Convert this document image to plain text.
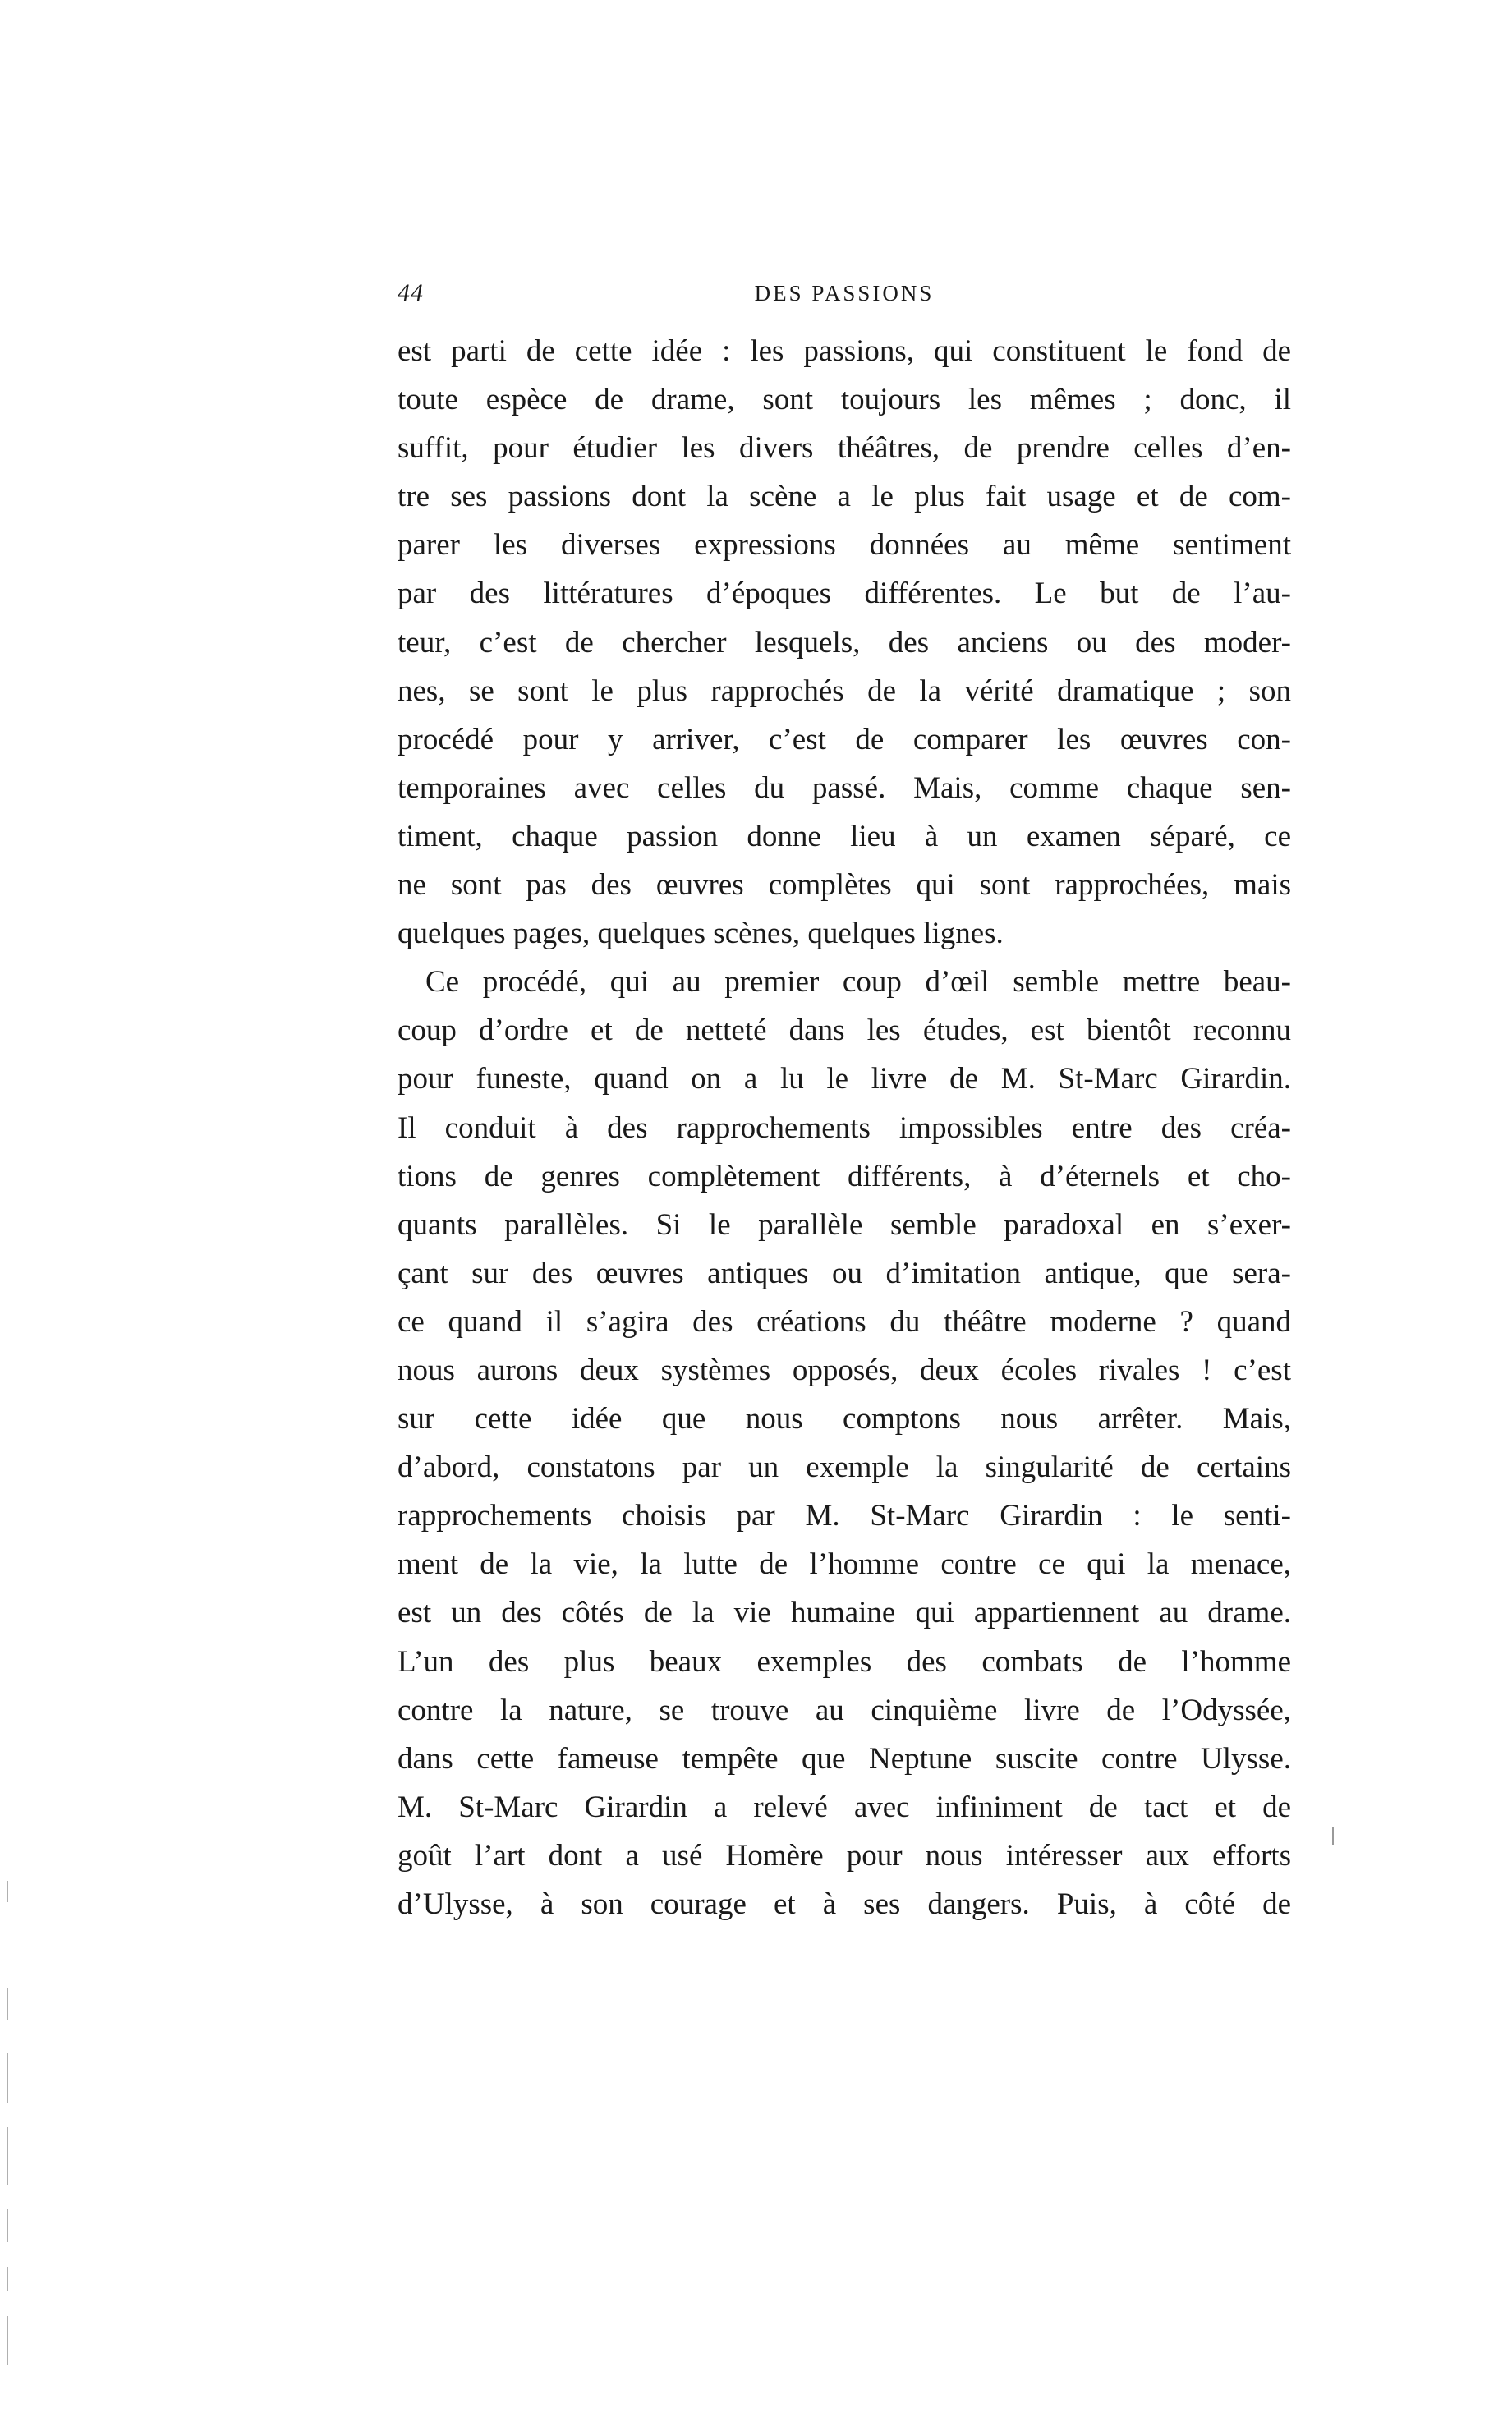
44	DES PASSIONS
est parti de cette idée : les passions, qui constituent le fond de
toute espèce de drame, sont toujours les mêmes ; donc, il
suffit, pour étudier les divers théâtres, de prendre celles d’en-
tre ses passions dont la scène a le plus fait usage et de com-
parer les diverses expressions données au même sentiment
par des littératures d’époques différentes. Le but de l’au-
teur, c’est de chercher lesquels, des anciens ou des moder-
nes, se sont le plus rapprochés de la vérité dramatique ; son
procédé pour y arriver, c’est de comparer les œuvres con-
temporaines avec celles du passé. Mais, comme chaque sen-
timent, chaque passion donne lieu à un examen séparé, ce
ne sont pas des œuvres complètes qui sont rapprochées, mais
quelques pages, quelques scènes, quelques lignes.
Ce procédé, qui au premier coup d’œil semble mettre beau-
coup d’ordre et de netteté dans les études, est bientôt reconnu
pour funeste, quand on a lu le livre de M. St-Marc Girardin.
Il conduit à des rapprochements impossibles entre des créa-
tions de genres complètement différents, à d’éternels et cho-
quants parallèles. Si le parallèle semble paradoxal en s’exer-
çant sur des œuvres antiques ou d’imitation antique, que sera-
ce quand il s’agira des créations du théâtre moderne ? quand
nous aurons deux systèmes opposés, deux écoles rivales ! c’est
sur cette idée que nous comptons nous arrêter. Mais,
d’abord, constatons par un exemple la singularité de certains
rapprochements choisis par M. St-Marc Girardin : le senti-
ment de la vie, la lutte de l’homme contre ce qui la menace,
est un des côtés de la vie humaine qui appartiennent au drame.
L’un des plus beaux exemples des combats de l’homme
contre la nature, se trouve au cinquième livre de l’Odyssée,
dans cette fameuse tempête que Neptune suscite contre Ulysse.
M. St-Marc Girardin a relevé avec infiniment de tact et de
goût l’art dont a usé Homère pour nous intéresser aux efforts
d’Ulysse, à son courage et à ses dangers. Puis, à côté de
